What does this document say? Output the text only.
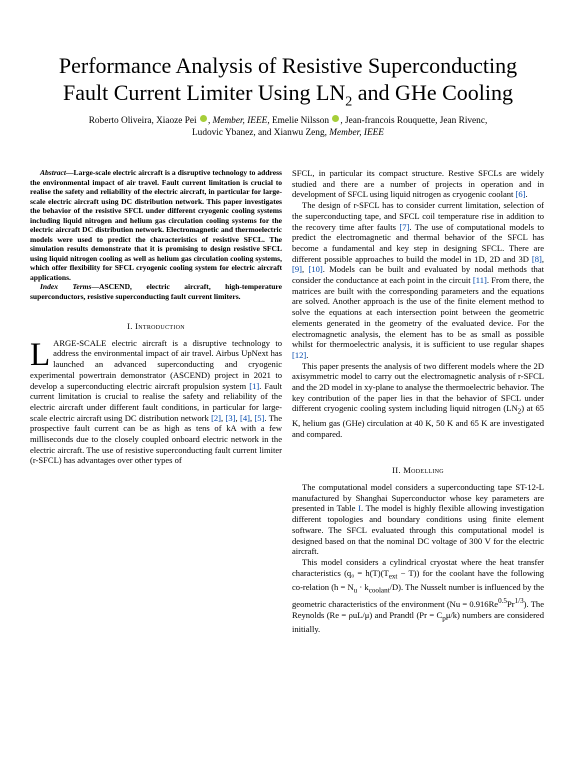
Performance Analysis of Resistive Superconducting
Fault Current Limiter Using $LN_2$ and GHe Cooling
Roberto Oliveira, Xiaoze Pei , Member, IEEE, Emelie Nilsson , Jean-francois Rouquette, Jean Rivenc,
Ludovic Ybanez, and Xianwu Zeng, Member, IEEE

Abstract—Large-scale electric aircraft is a disruptive technology to address the environmental impact of air travel. Fault current limitation is crucial to realise the safety and reliability of the electric aircraft, in particular for large-scale electric aircraft using DC distribution network. This paper investigates the behavior of the resistive SFCL under different cryogenic cooling systems including liquid nitrogen and helium gas circulation cooling systems for the electric aircraft DC distribution network. Electromagnetic and thermoelectric models were used to predict the characteristics of resistive SFCL. The simulation results demonstrate that it is promising to design resistive SFCL using liquid nitrogen cooling as well as helium gas circulation cooling systems, which offer flexibility for SFCL cryogenic cooling system for electric aircraft applications.

Index Terms—ASCEND, electric aircraft, high-temperature superconductors, resistive superconducting fault current limiters.

I. Introduction

LARGE-SCALE electric aircraft is a disruptive technology to address the environmental impact of air travel. Airbus UpNext has launched an advanced superconducting and cryogenic experimental powertrain demonstrator (ASCEND) project in 2021 to develop a superconducting electric aircraft propulsion system [1]. Fault current limitation is crucial to realise the safety and reliability of the electric aircraft under different fault conditions, in particular for large-scale electric aircraft using DC distribution network [2], [3], [4], [5]. The prospective fault current can be as high as tens of kA with a few milliseconds due to the closely coupled onboard electric network in the electric aircraft. The use of resistive superconducting fault current limiter (r-SFCL) has advantages over other types of

SFCL, in particular its compact structure. Restive SFCLs are widely studied and there are a number of projects in operation and in development of SFCL using liquid nitrogen as cryogenic coolant [6].

The design of r-SFCL has to consider current limitation, selection of the superconducting tape, and SFCL coil temperature rise in addition to the recovery time after faults [7]. The use of computational models to predict the electromagnetic and thermal behavior of the SFCL has become a fundamental and key step in designing SFCL. There are different possible approaches to build the model in 1D, 2D and 3D [8], [9], [10]. Models can be built and evaluated by nodal methods that consider the conductance at each point in the circuit [11]. From there, the matrices are built with the corresponding parameters and the equations are solved. Another approach is the use of the finite element method to solve the equations at each intersection point between the geometric elements generated in the geometry of the evaluated device. For the electromagnetic analysis, the element has to be as small as possible whilst for thermoelectric analysis, it is sufficient to use regular shapes [12].

This paper presents the analysis of two different models where the 2D axisymmetric model to carry out the electromagnetic analysis of r-SFCL and the 2D model in xy-plane to analyse the thermoelectric behavior. The key contribution of the paper lies in that the behavior of SFCL under different cryogenic cooling system including liquid nitrogen $(LN_2)$ at 65 K, helium gas (GHe) circulation at 40 K, 50 K and 65 K are investigated and compared.

II. Modelling

The computational model considers a superconducting tape ST-12-L manufactured by Shanghai Superconductor whose key parameters are presented in Table I. The model is highly flexible allowing investigation different topologies and boundary conditions using finite element software. The SFCL evaluated through this computational model is designed based on that the nominal DC voltage of 300 V for the electric aircraft.

This model considers a cylindrical cryostat where the heat transfer characteristics $(q_0 = h(T)(T_{ext} - T))$ for the coolant have the following co-relation $(h = N_u \cdot k_{coolant}/D)$. The Nusselt number is influenced by the geometric characteristics of the environment $(Nu = 0.916Re^{0.5}Pr^{1/3})$. The Reynolds (Re = ρuL/μ) and Prandtl $(Pr = C_p\mu/k)$ numbers are considered initially.
